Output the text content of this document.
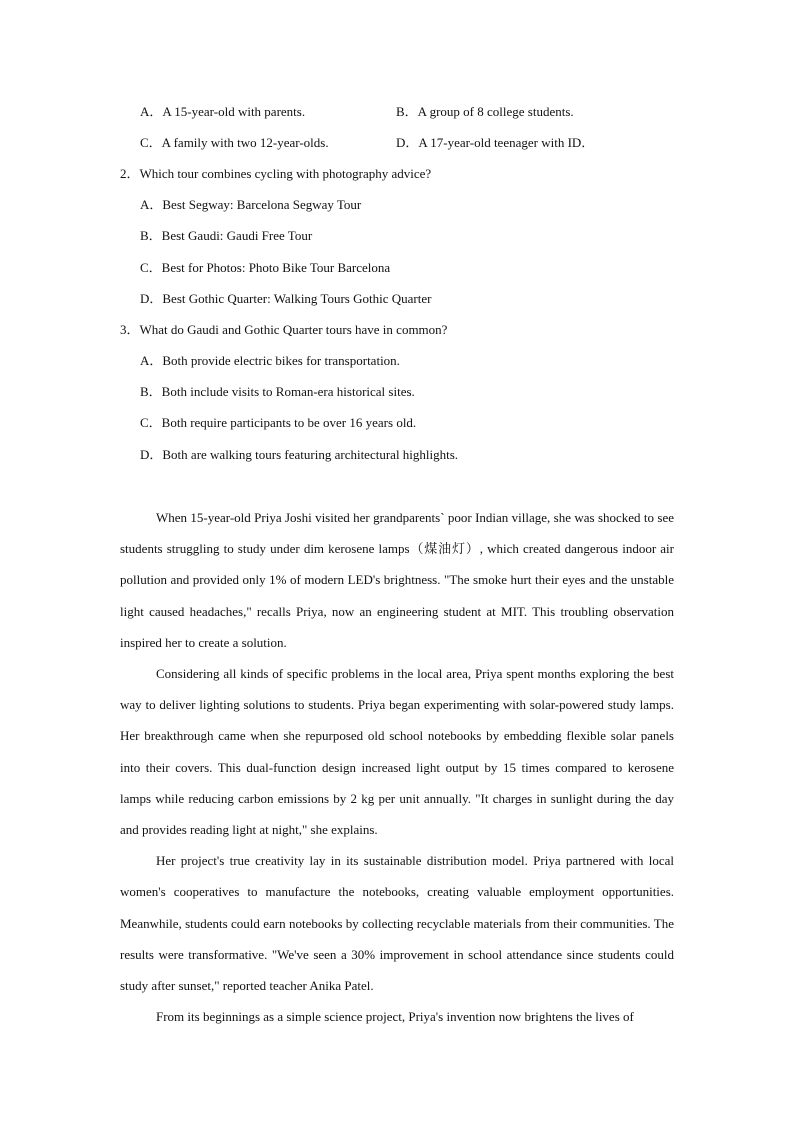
A．A 15-year-old with parents.	B．A group of 8 college students.
C．A family with two 12-year-olds.	D．A 17-year-old teenager with ID．
2．Which tour combines cycling with photography advice?
A．Best Segway: Barcelona Segway Tour
B．Best Gaudi: Gaudi Free Tour
C．Best for Photos: Photo Bike Tour Barcelona
D．Best Gothic Quarter: Walking Tours Gothic Quarter
3．What do Gaudi and Gothic Quarter tours have in common?
A．Both provide electric bikes for transportation.
B．Both include visits to Roman-era historical sites.
C．Both require participants to be over 16 years old.
D．Both are walking tours featuring architectural highlights.

When 15-year-old Priya Joshi visited her grandparents` poor Indian village, she was shocked to see students struggling to study under dim kerosene lamps（煤油灯）, which created dangerous indoor air pollution and provided only 1% of modern LED's brightness. "The smoke hurt their eyes and the unstable light caused headaches," recalls Priya, now an engineering student at MIT. This troubling observation inspired her to create a solution.

Considering all kinds of specific problems in the local area, Priya spent months exploring the best way to deliver lighting solutions to students. Priya began experimenting with solar-powered study lamps. Her breakthrough came when she repurposed old school notebooks by embedding flexible solar panels into their covers. This dual-function design increased light output by 15 times compared to kerosene lamps while reducing carbon emissions by 2 kg per unit annually. "It charges in sunlight during the day and provides reading light at night," she explains.

Her project's true creativity lay in its sustainable distribution model. Priya partnered with local women's cooperatives to manufacture the notebooks, creating valuable employment opportunities. Meanwhile, students could earn notebooks by collecting recyclable materials from their communities. The results were transformative. "We've seen a 30% improvement in school attendance since students could study after sunset," reported teacher Anika Patel.

From its beginnings as a simple science project, Priya's invention now brightens the lives of
